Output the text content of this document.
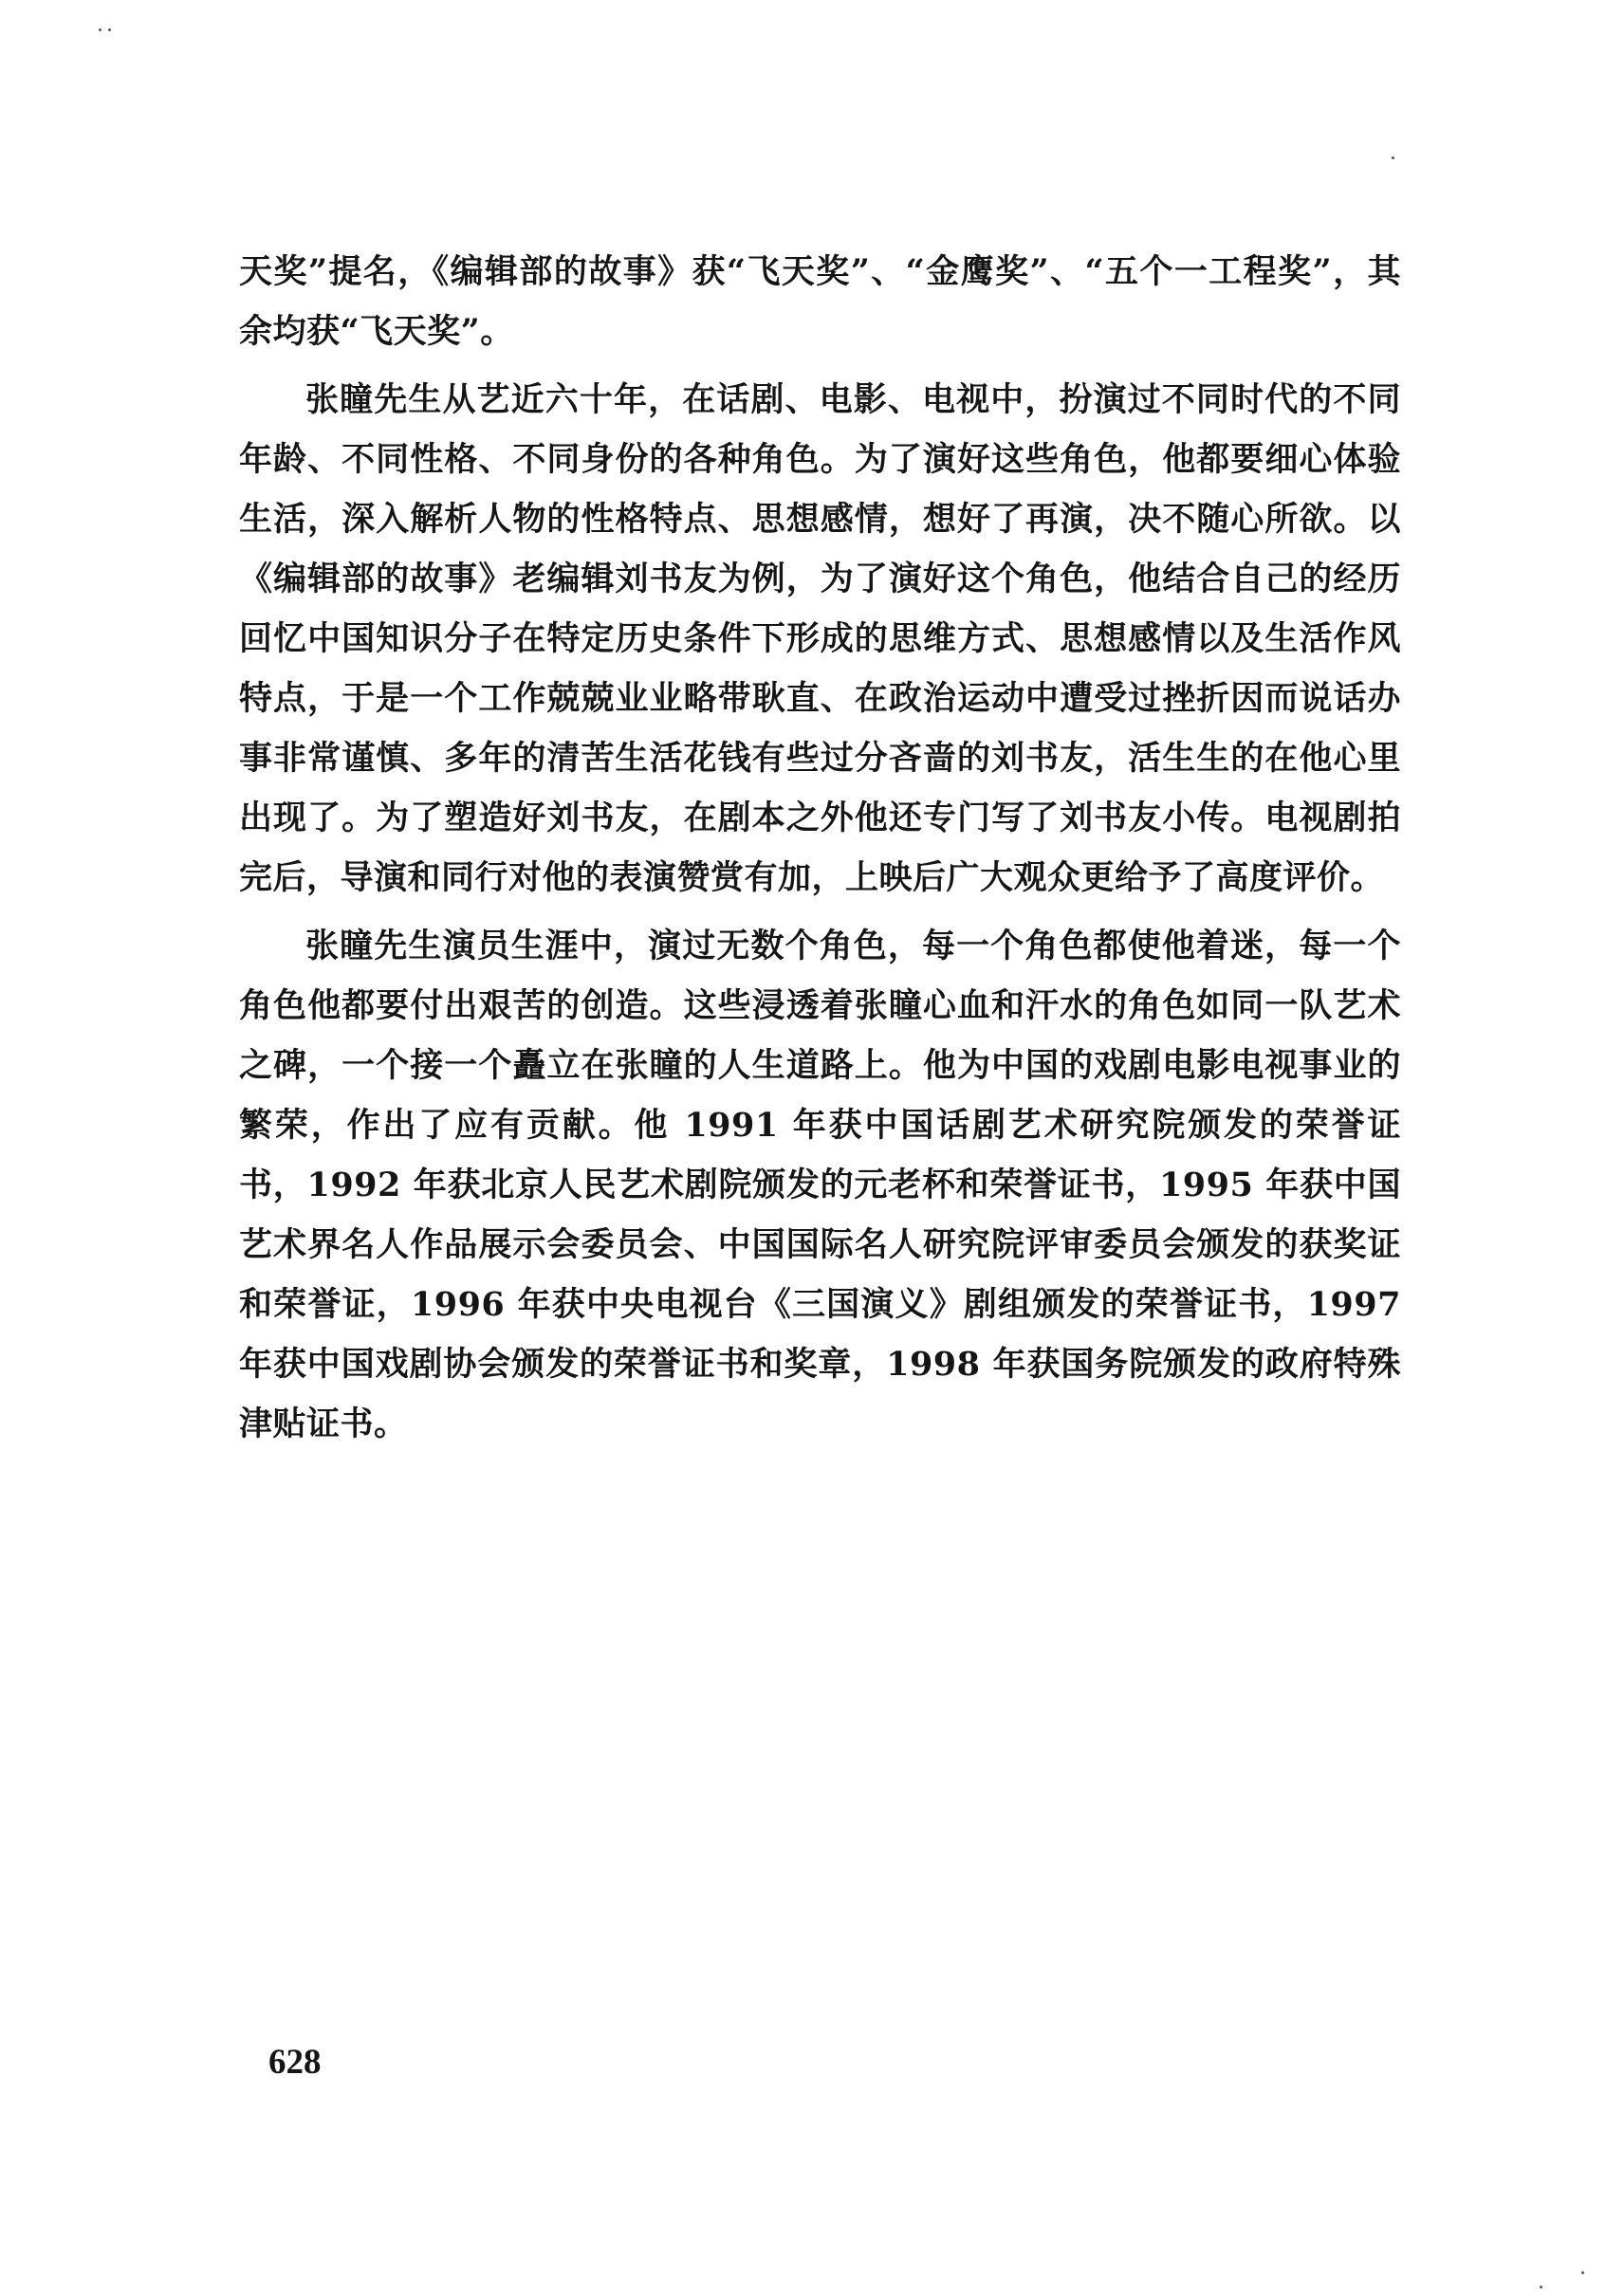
天奖”提名，《编辑部的故事》获“飞天奖”、“金鹰奖”、“五个一工程奖”，其余均获“飞天奖”。

张瞳先生从艺近六十年，在话剧、电影、电视中，扮演过不同时代的不同年龄、不同性格、不同身份的各种角色。为了演好这些角色，他都要细心体验生活，深入解析人物的性格特点、思想感情，想好了再演，决不随心所欲。以《编辑部的故事》老编辑刘书友为例，为了演好这个角色，他结合自己的经历回忆中国知识分子在特定历史条件下形成的思维方式、思想感情以及生活作风特点，于是一个工作兢兢业业略带耿直、在政治运动中遭受过挫折因而说话办事非常谨慎、多年的清苦生活花钱有些过分吝啬的刘书友，活生生的在他心里出现了。为了塑造好刘书友，在剧本之外他还专门写了刘书友小传。电视剧拍完后，导演和同行对他的表演赞赏有加，上映后广大观众更给予了高度评价。

张瞳先生演员生涯中，演过无数个角色，每一个角色都使他着迷，每一个角色他都要付出艰苦的创造。这些浸透着张瞳心血和汗水的角色如同一队艺术之碑，一个接一个矗立在张瞳的人生道路上。他为中国的戏剧电影电视事业的繁荣，作出了应有贡献。他 1991 年获中国话剧艺术研究院颁发的荣誉证书，1992 年获北京人民艺术剧院颁发的元老杯和荣誉证书，1995 年获中国艺术界名人作品展示会委员会、中国国际名人研究院评审委员会颁发的获奖证和荣誉证，1996 年获中央电视台《三国演义》剧组颁发的荣誉证书，1997 年获中国戏剧协会颁发的荣誉证书和奖章，1998 年获国务院颁发的政府特殊津贴证书。

628
